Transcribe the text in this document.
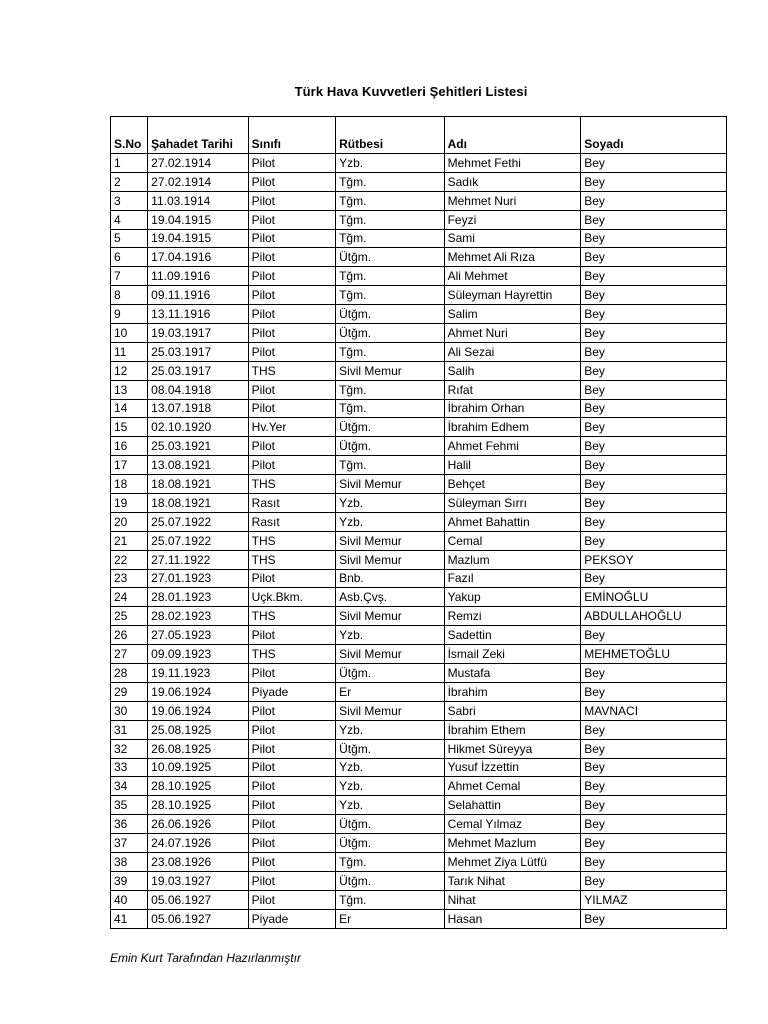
Türk Hava Kuvvetleri Şehitleri Listesi
S.No	Şahadet Tarihi	Sınıfı	Rütbesi	Adı	Soyadı
1	27.02.1914	Pilot	Yzb.	Mehmet Fethi	Bey
2	27.02.1914	Pilot	Tğm.	Sadık	Bey
3	11.03.1914	Pilot	Tğm.	Mehmet Nuri	Bey
4	19.04.1915	Pilot	Tğm.	Feyzi	Bey
5	19.04.1915	Pilot	Tğm.	Sami	Bey
6	17.04.1916	Pilot	Ütğm.	Mehmet Ali Rıza	Bey
7	11.09.1916	Pilot	Tğm.	Ali Mehmet	Bey
8	09.11.1916	Pilot	Tğm.	Süleyman Hayrettin	Bey
9	13.11.1916	Pilot	Ütğm.	Salim	Bey
10	19.03.1917	Pilot	Ütğm.	Ahmet Nuri	Bey
11	25.03.1917	Pilot	Tğm.	Ali Sezai	Bey
12	25.03.1917	THS	Sivil Memur	Salih	Bey
13	08.04.1918	Pilot	Tğm.	Rıfat	Bey
14	13.07.1918	Pilot	Tğm.	İbrahim Orhan	Bey
15	02.10.1920	Hv.Yer	Ütğm.	İbrahim Edhem	Bey
16	25.03.1921	Pilot	Ütğm.	Ahmet Fehmi	Bey
17	13.08.1921	Pilot	Tğm.	Halil	Bey
18	18.08.1921	THS	Sivil Memur	Behçet	Bey
19	18.08.1921	Rasıt	Yzb.	Süleyman Sırrı	Bey
20	25.07.1922	Rasıt	Yzb.	Ahmet Bahattin	Bey
21	25.07.1922	THS	Sivil Memur	Cemal	Bey
22	27.11.1922	THS	Sivil Memur	Mazlum	PEKSOY
23	27.01.1923	Pilot	Bnb.	Fazıl	Bey
24	28.01.1923	Uçk.Bkm.	Asb.Çvş.	Yakup	EMİNOĞLU
25	28.02.1923	THS	Sivil Memur	Remzi	ABDULLAHOĞLU
26	27.05.1923	Pilot	Yzb.	Sadettin	Bey
27	09.09.1923	THS	Sivil Memur	İsmail Zeki	MEHMETOĞLU
28	19.11.1923	Pilot	Ütğm.	Mustafa	Bey
29	19.06.1924	Piyade	Er	İbrahim	Bey
30	19.06.1924	Pilot	Sivil Memur	Sabri	MAVNACI
31	25.08.1925	Pilot	Yzb.	İbrahim Ethem	Bey
32	26.08.1925	Pilot	Ütğm.	Hikmet Süreyya	Bey
33	10.09.1925	Pilot	Yzb.	Yusuf İzzettin	Bey
34	28.10.1925	Pilot	Yzb.	Ahmet Cemal	Bey
35	28.10.1925	Pilot	Yzb.	Selahattin	Bey
36	26.06.1926	Pilot	Ütğm.	Cemal Yılmaz	Bey
37	24.07.1926	Pilot	Ütğm.	Mehmet Mazlum	Bey
38	23.08.1926	Pilot	Tğm.	Mehmet Ziya Lütfü	Bey
39	19.03.1927	Pilot	Ütğm.	Tarık Nihat	Bey
40	05.06.1927	Pilot	Tğm.	Nihat	YILMAZ
41	05.06.1927	Piyade	Er	Hasan	Bey
Emin Kurt Tarafından Hazırlanmıştır
